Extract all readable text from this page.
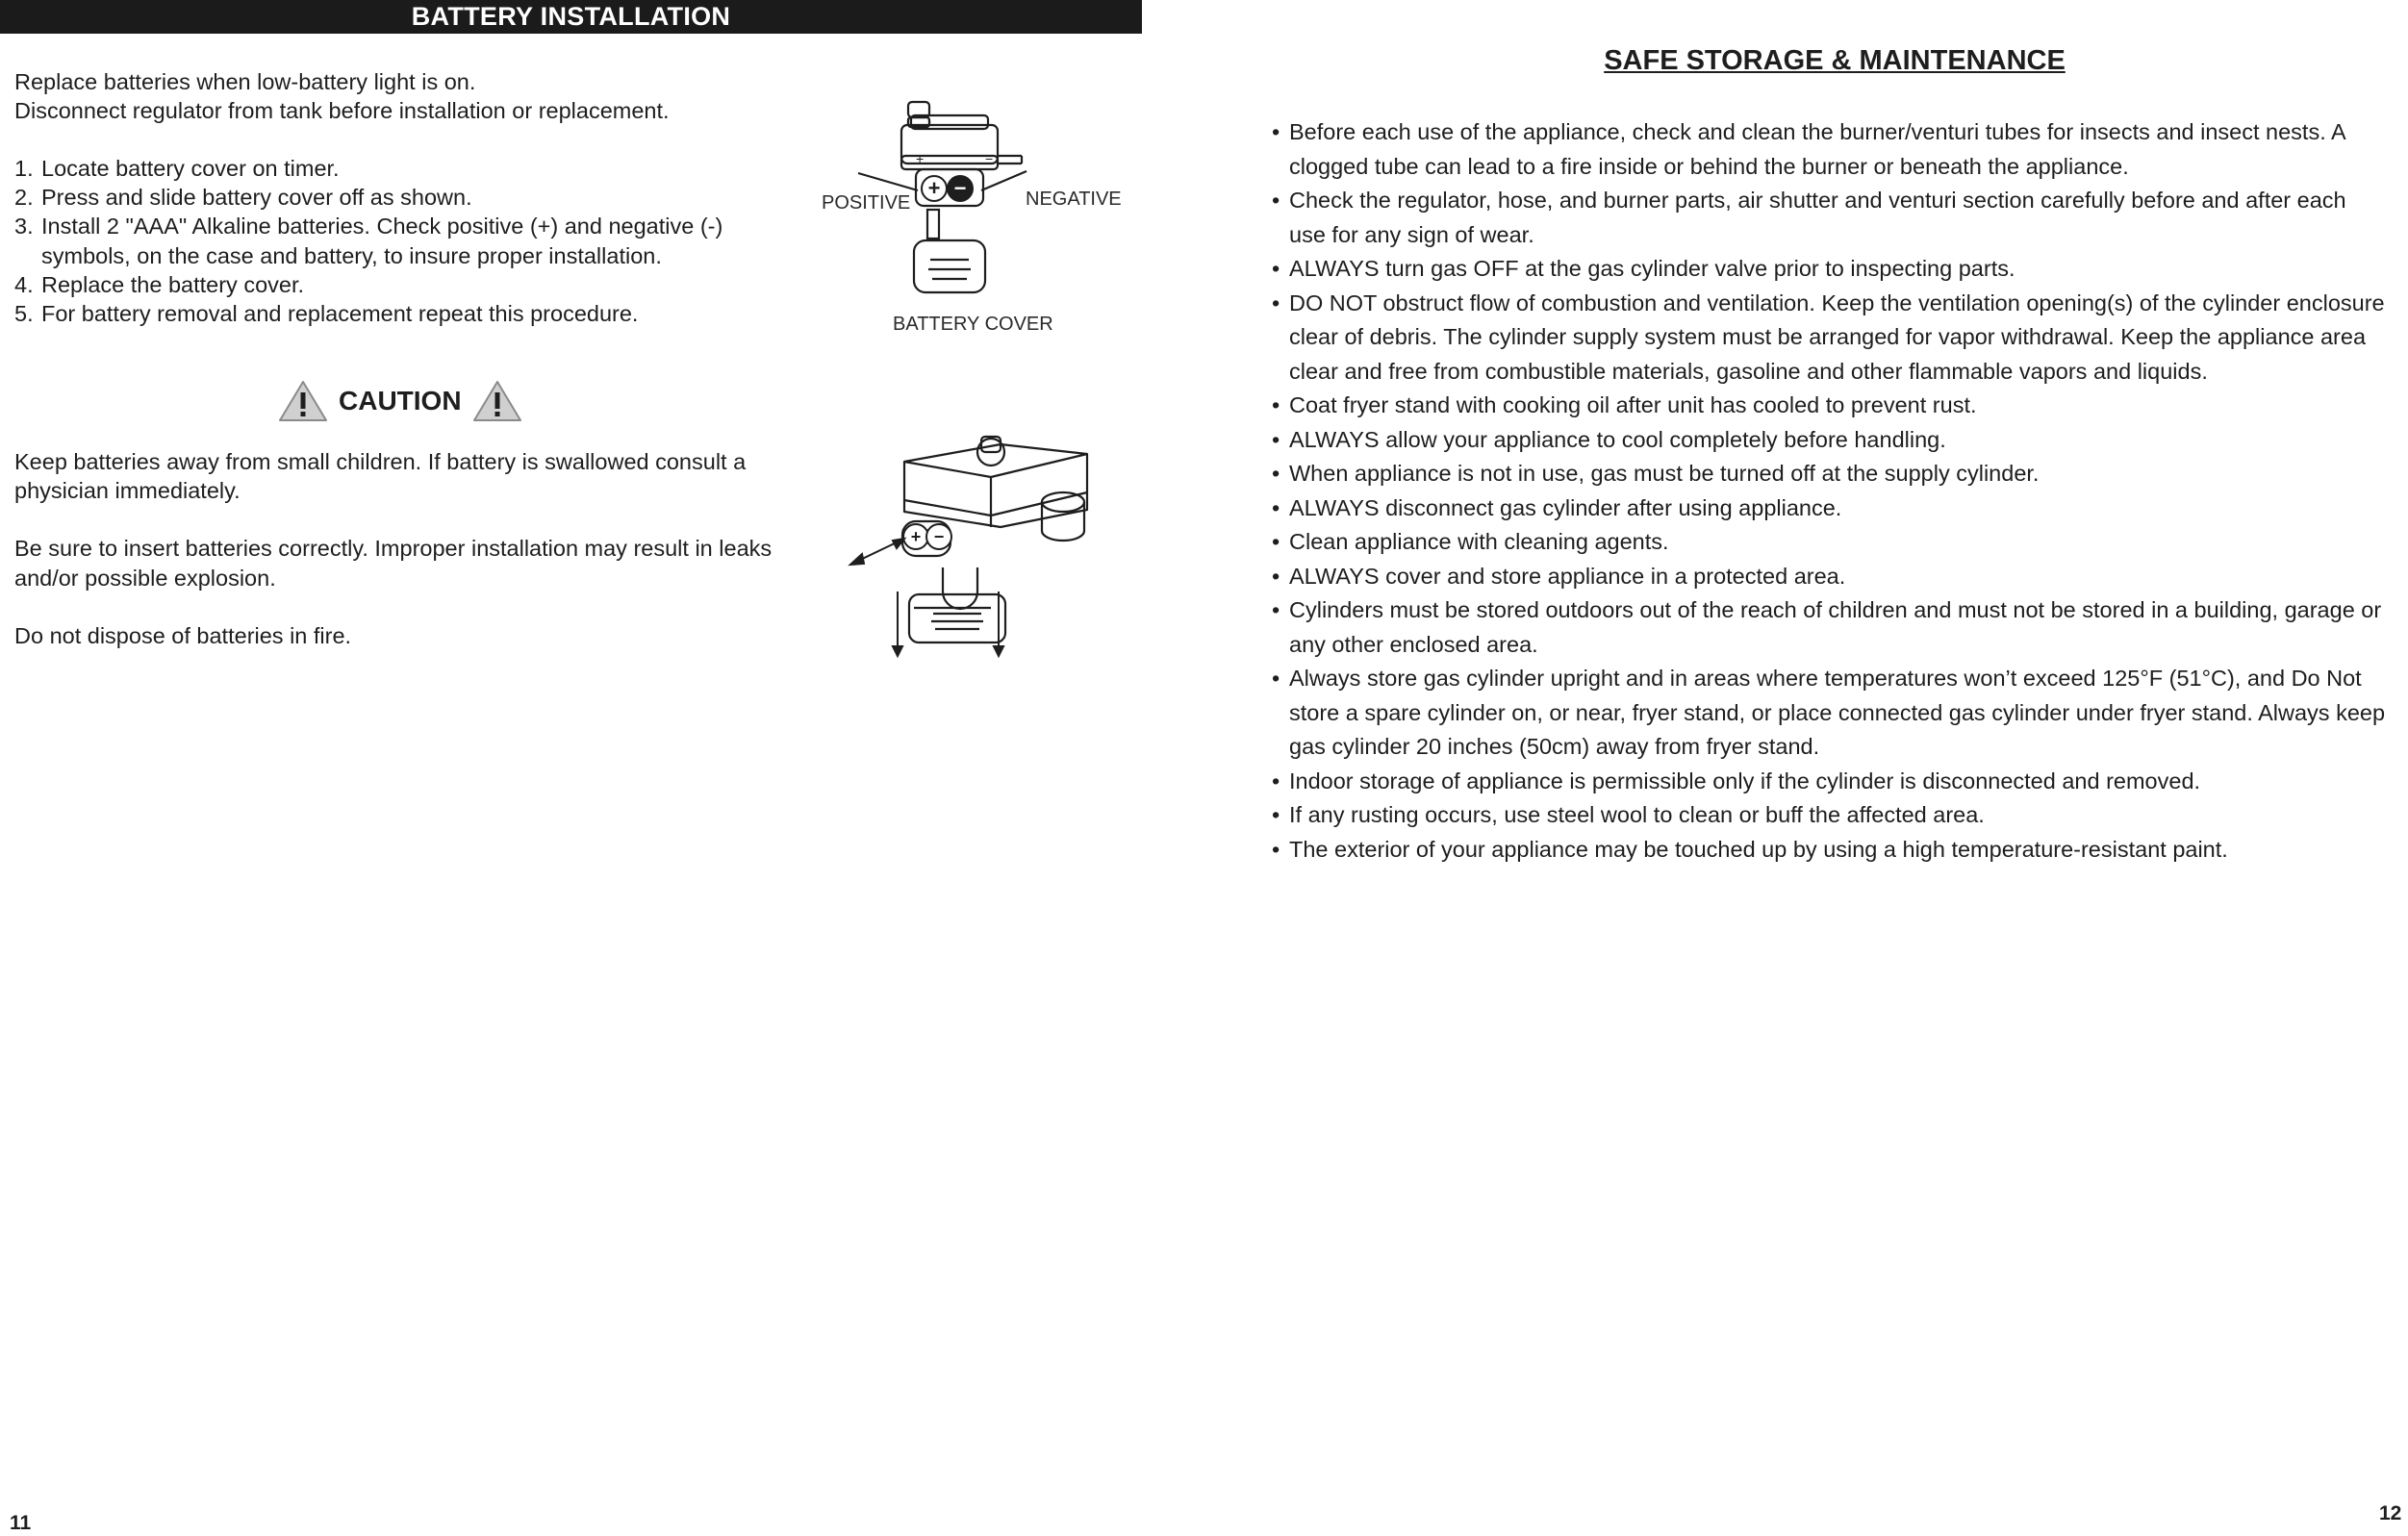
BATTERY INSTALLATION
Replace batteries when low-battery light is on.
Disconnect regulator from tank before installation or replacement.
1. Locate battery cover on timer.
2. Press and slide battery cover off as shown.
3. Install 2 "AAA" Alkaline batteries. Check positive (+) and negative (-) symbols, on the case and battery, to insure proper installation.
4. Replace the battery cover.
5. For battery removal and replacement repeat this procedure.
+ −
+	−
POSITIVE	NEGATIVE
BATTERY COVER
CAUTION

Keep batteries away from small children. If battery is swallowed consult a physician immediately.

Be sure to insert batteries correctly. Improper installation may result in leaks and/or possible explosion.

Do not dispose of batteries in fire.

+ −
11
SAFE STORAGE & MAINTENANCE
• Before each use of the appliance, check and clean the burner/venturi tubes for insects and insect nests. A clogged tube can lead to a fire inside or behind the burner or beneath the appliance.
• Check the regulator, hose, and burner parts, air shutter and venturi section carefully before and after each use for any sign of wear.
• ALWAYS turn gas OFF at the gas cylinder valve prior to inspecting parts.
• DO NOT obstruct flow of combustion and ventilation. Keep the ventilation opening(s) of the cylinder enclosure clear of debris. The cylinder supply system must be arranged for vapor withdrawal. Keep the appliance area clear and free from combustible materials, gasoline and other flammable vapors and liquids.
• Coat fryer stand with cooking oil after unit has cooled to prevent rust.
• ALWAYS allow your appliance to cool completely before handling.
• When appliance is not in use, gas must be turned off at the supply cylinder.
• ALWAYS disconnect gas cylinder after using appliance.
• Clean appliance with cleaning agents.
• ALWAYS cover and store appliance in a protected area.
• Cylinders must be stored outdoors out of the reach of children and must not be stored in a building, garage or any other enclosed area.
• Always store gas cylinder upright and in areas where temperatures won’t exceed 125°F (51°C), and Do Not store a spare cylinder on, or near, fryer stand, or place connected gas cylinder under fryer stand. Always keep gas cylinder 20 inches (50cm) away from fryer stand.
• Indoor storage of appliance is permissible only if the cylinder is disconnected and removed.
• If any rusting occurs, use steel wool to clean or buff the affected area.
• The exterior of your appliance may be touched up by using a high temperature-resistant paint.
12
